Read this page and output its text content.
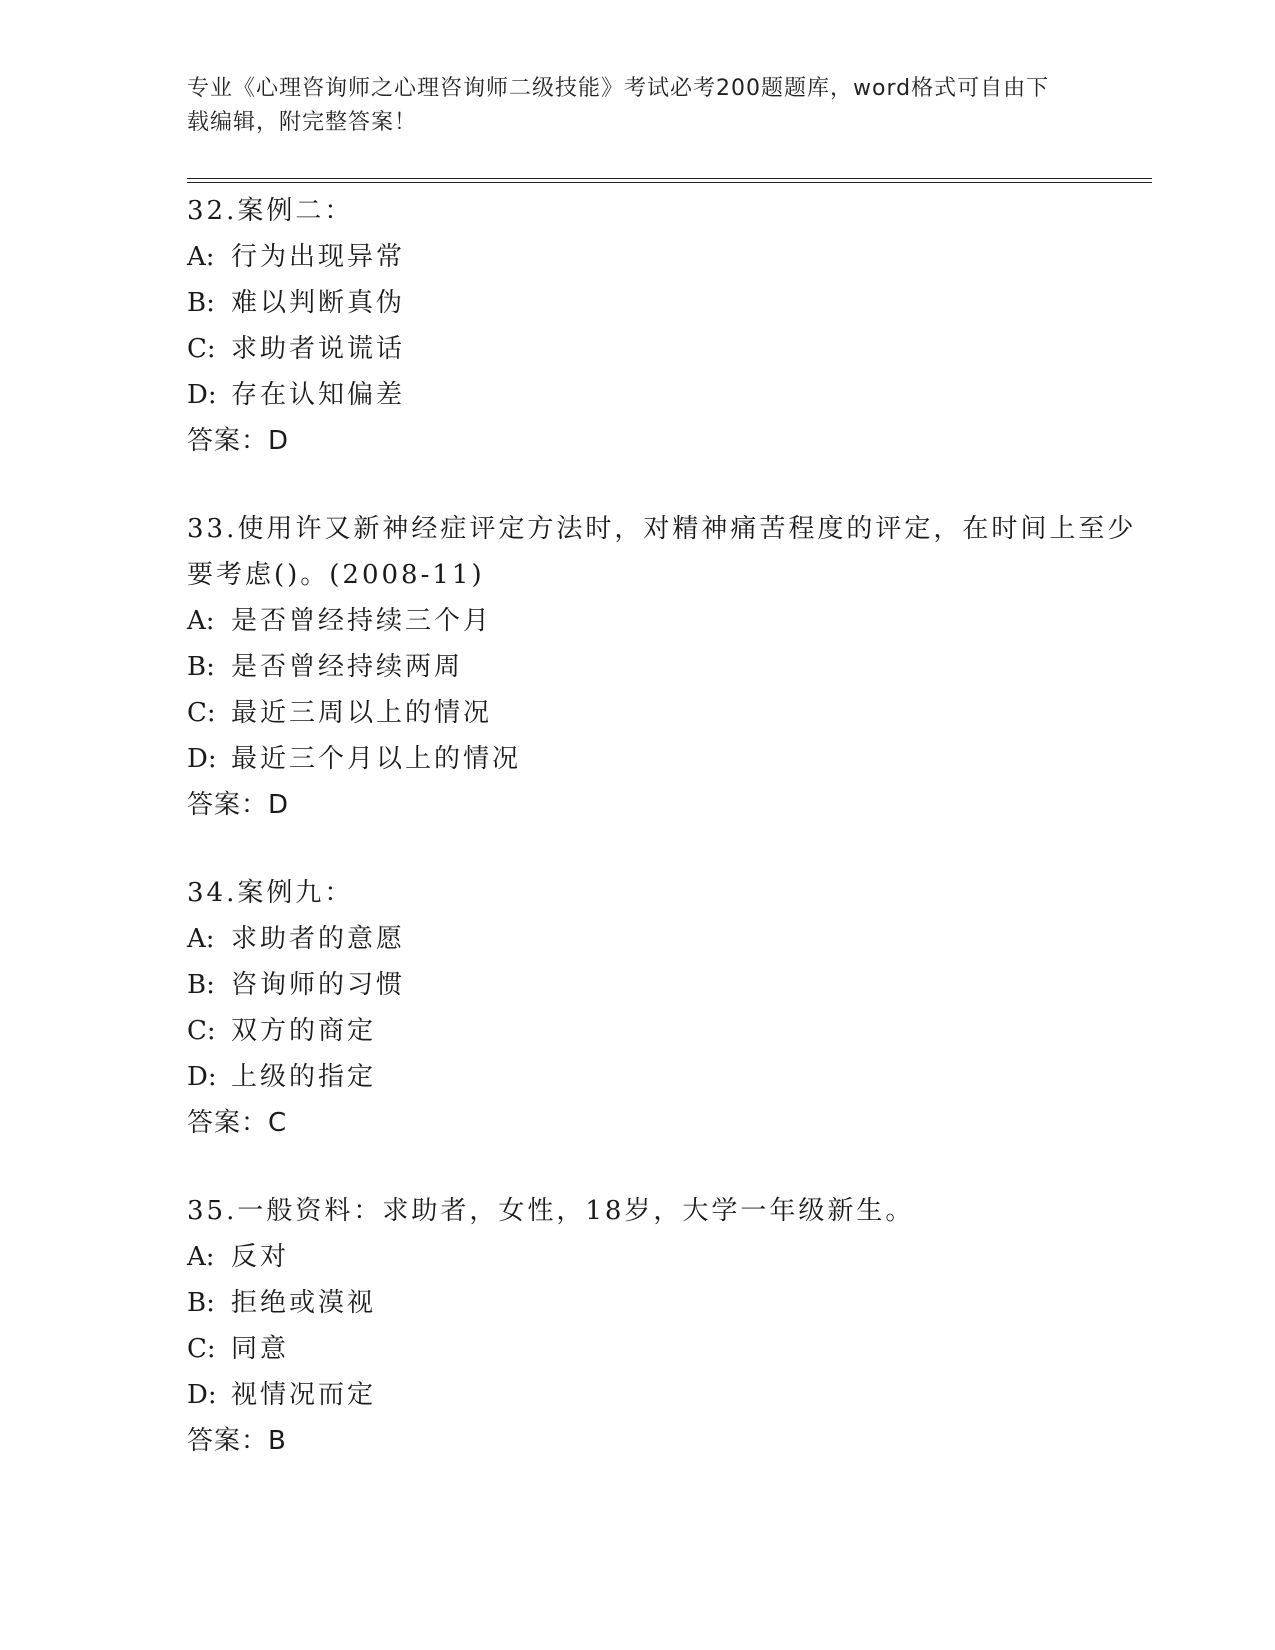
专业《心理咨询师之心理咨询师二级技能》考试必考200题题库，word格式可自由下载编辑，附完整答案！
32.案例二：
A: 行为出现异常
B: 难以判断真伪
C: 求助者说谎话
D: 存在认知偏差
答案：D
33.使用许又新神经症评定方法时，对精神痛苦程度的评定，在时间上至少要考虑()。(2008-11)
A: 是否曾经持续三个月
B: 是否曾经持续两周
C: 最近三周以上的情况
D: 最近三个月以上的情况
答案：D
34.案例九：
A: 求助者的意愿
B: 咨询师的习惯
C: 双方的商定
D: 上级的指定
答案：C
35.一般资料：求助者，女性，18岁，大学一年级新生。
A: 反对
B: 拒绝或漠视
C: 同意
D: 视情况而定
答案：B
